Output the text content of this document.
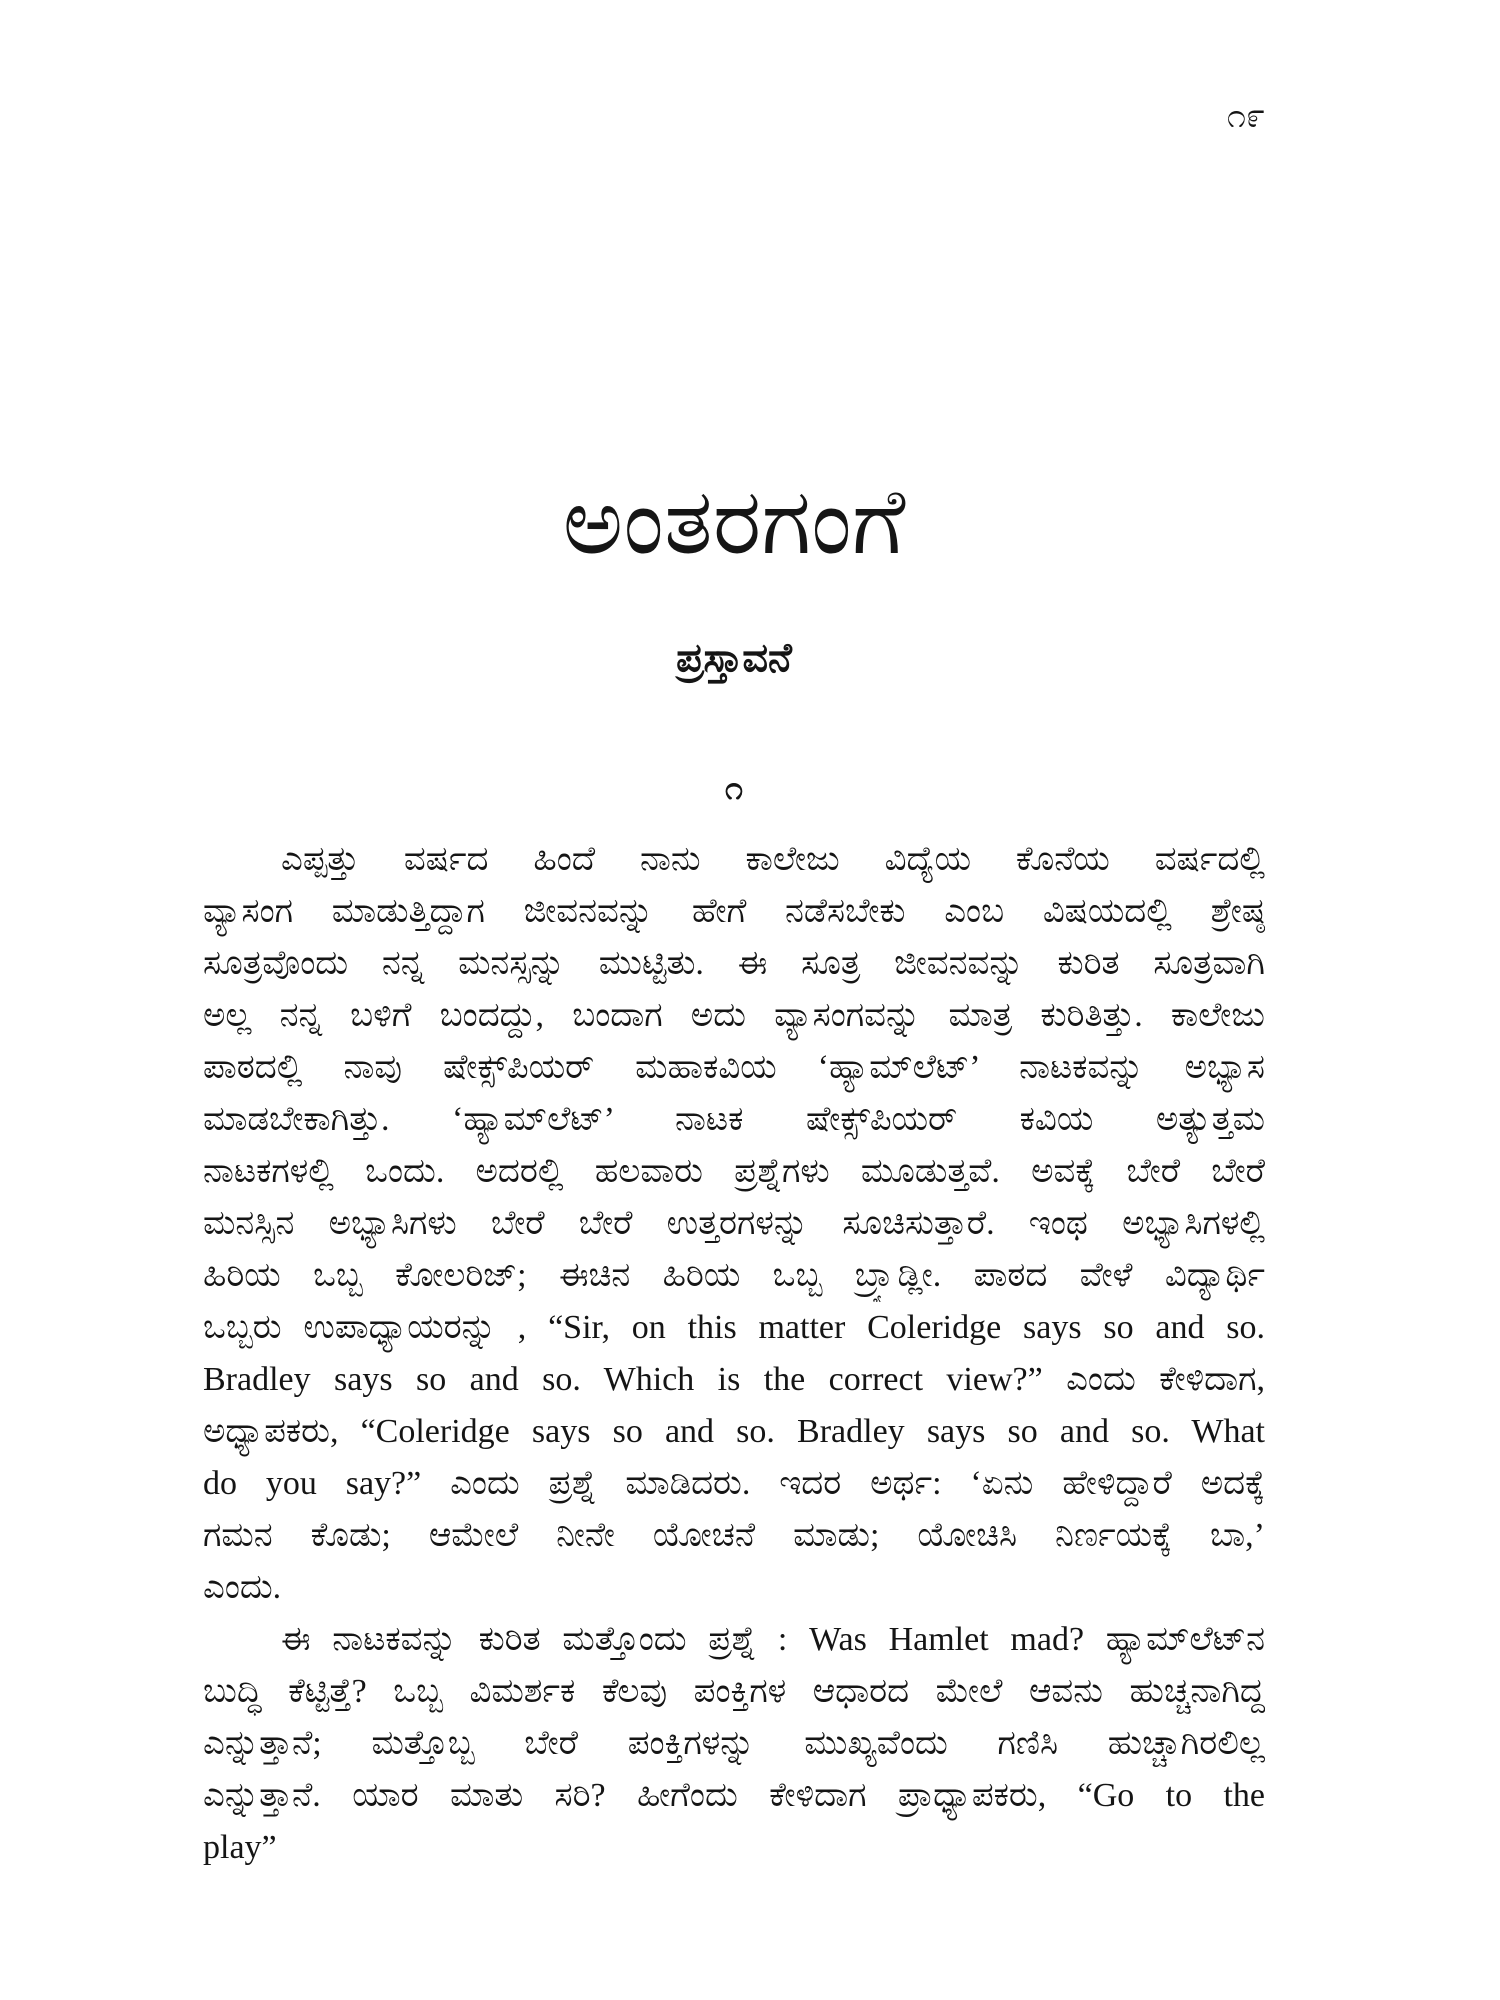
೧೯
ಅಂತರಗಂಗೆ
ಪ್ರಸ್ತಾವನೆ
೧
ಎಪ್ಪತ್ತು ವರ್ಷದ ಹಿಂದೆ ನಾನು ಕಾಲೇಜು ವಿದ್ಯೆಯ ಕೊನೆಯ ವರ್ಷದಲ್ಲಿ
ವ್ಯಾಸಂಗ ಮಾಡುತ್ತಿದ್ದಾಗ ಜೀವನವನ್ನು ಹೇಗೆ ನಡೆಸಬೇಕು ಎಂಬ ವಿಷಯದಲ್ಲಿ ಶ್ರೇಷ್ಠ
ಸೂತ್ರವೊಂದು ನನ್ನ ಮನಸ್ಸನ್ನು ಮುಟ್ಟಿತು. ಈ ಸೂತ್ರ ಜೀವನವನ್ನು ಕುರಿತ ಸೂತ್ರವಾಗಿ
ಅಲ್ಲ ನನ್ನ ಬಳಿಗೆ ಬಂದದ್ದು, ಬಂದಾಗ ಅದು ವ್ಯಾಸಂಗವನ್ನು ಮಾತ್ರ ಕುರಿತಿತ್ತು. ಕಾಲೇಜು
ಪಾಠದಲ್ಲಿ ನಾವು ಷೇಕ್ಸ್‌ಪಿಯರ್ ಮಹಾಕವಿಯ ‘ಹ್ಯಾಮ್‌ಲೆಟ್’ ನಾಟಕವನ್ನು ಅಭ್ಯಾಸ
ಮಾಡಬೇಕಾಗಿತ್ತು. ‘ಹ್ಯಾಮ್‌ಲೆಟ್’ ನಾಟಕ ಷೇಕ್ಸ್‌ಪಿಯರ್ ಕವಿಯ ಅತ್ಯುತ್ತಮ
ನಾಟಕಗಳಲ್ಲಿ ಒಂದು. ಅದರಲ್ಲಿ ಹಲವಾರು ಪ್ರಶ್ನೆಗಳು ಮೂಡುತ್ತವೆ. ಅವಕ್ಕೆ ಬೇರೆ ಬೇರೆ
ಮನಸ್ಸಿನ ಅಭ್ಯಾಸಿಗಳು ಬೇರೆ ಬೇರೆ ಉತ್ತರಗಳನ್ನು ಸೂಚಿಸುತ್ತಾರೆ. ಇಂಥ ಅಭ್ಯಾಸಿಗಳಲ್ಲಿ
ಹಿರಿಯ ಒಬ್ಬ ಕೋಲರಿಜ್; ಈಚಿನ ಹಿರಿಯ ಒಬ್ಬ ಬ್ರ್ಯಾಡ್ಲೀ. ಪಾಠದ ವೇಳೆ ವಿದ್ಯಾರ್ಥಿ
ಒಬ್ಬರು ಉಪಾಧ್ಯಾಯರನ್ನು , “Sir, on this matter Coleridge says so and so.
Bradley says so and so. Which is the correct view?” ಎಂದು ಕೇಳಿದಾಗ,
ಅಧ್ಯಾಪಕರು, “Coleridge says so and so. Bradley says so and so. What
do you say?” ಎಂದು ಪ್ರಶ್ನೆ ಮಾಡಿದರು. ಇದರ ಅರ್ಥ: ‘ಏನು ಹೇಳಿದ್ದಾರೆ ಅದಕ್ಕೆ
ಗಮನ ಕೊಡು; ಆಮೇಲೆ ನೀನೇ ಯೋಚನೆ ಮಾಡು; ಯೋಚಿಸಿ ನಿರ್ಣಯಕ್ಕೆ ಬಾ,’
ಎಂದು.
ಈ ನಾಟಕವನ್ನು ಕುರಿತ ಮತ್ತೊಂದು ಪ್ರಶ್ನೆ : Was Hamlet mad? ಹ್ಯಾಮ್‌ಲೆಟ್‌ನ
ಬುದ್ಧಿ ಕೆಟ್ಟಿತ್ತೆ? ಒಬ್ಬ ವಿಮರ್ಶಕ ಕೆಲವು ಪಂಕ್ತಿಗಳ ಆಧಾರದ ಮೇಲೆ ಆವನು ಹುಚ್ಚನಾಗಿದ್ದ
ಎನ್ನುತ್ತಾನೆ; ಮತ್ತೊಬ್ಬ ಬೇರೆ ಪಂಕ್ತಿಗಳನ್ನು ಮುಖ್ಯವೆಂದು ಗಣಿಸಿ ಹುಚ್ಚಾಗಿರಲಿಲ್ಲ
ಎನ್ನುತ್ತಾನೆ. ಯಾರ ಮಾತು ಸರಿ? ಹೀಗೆಂದು ಕೇಳಿದಾಗ ಪ್ರಾಧ್ಯಾಪಕರು, “Go to the
play”
